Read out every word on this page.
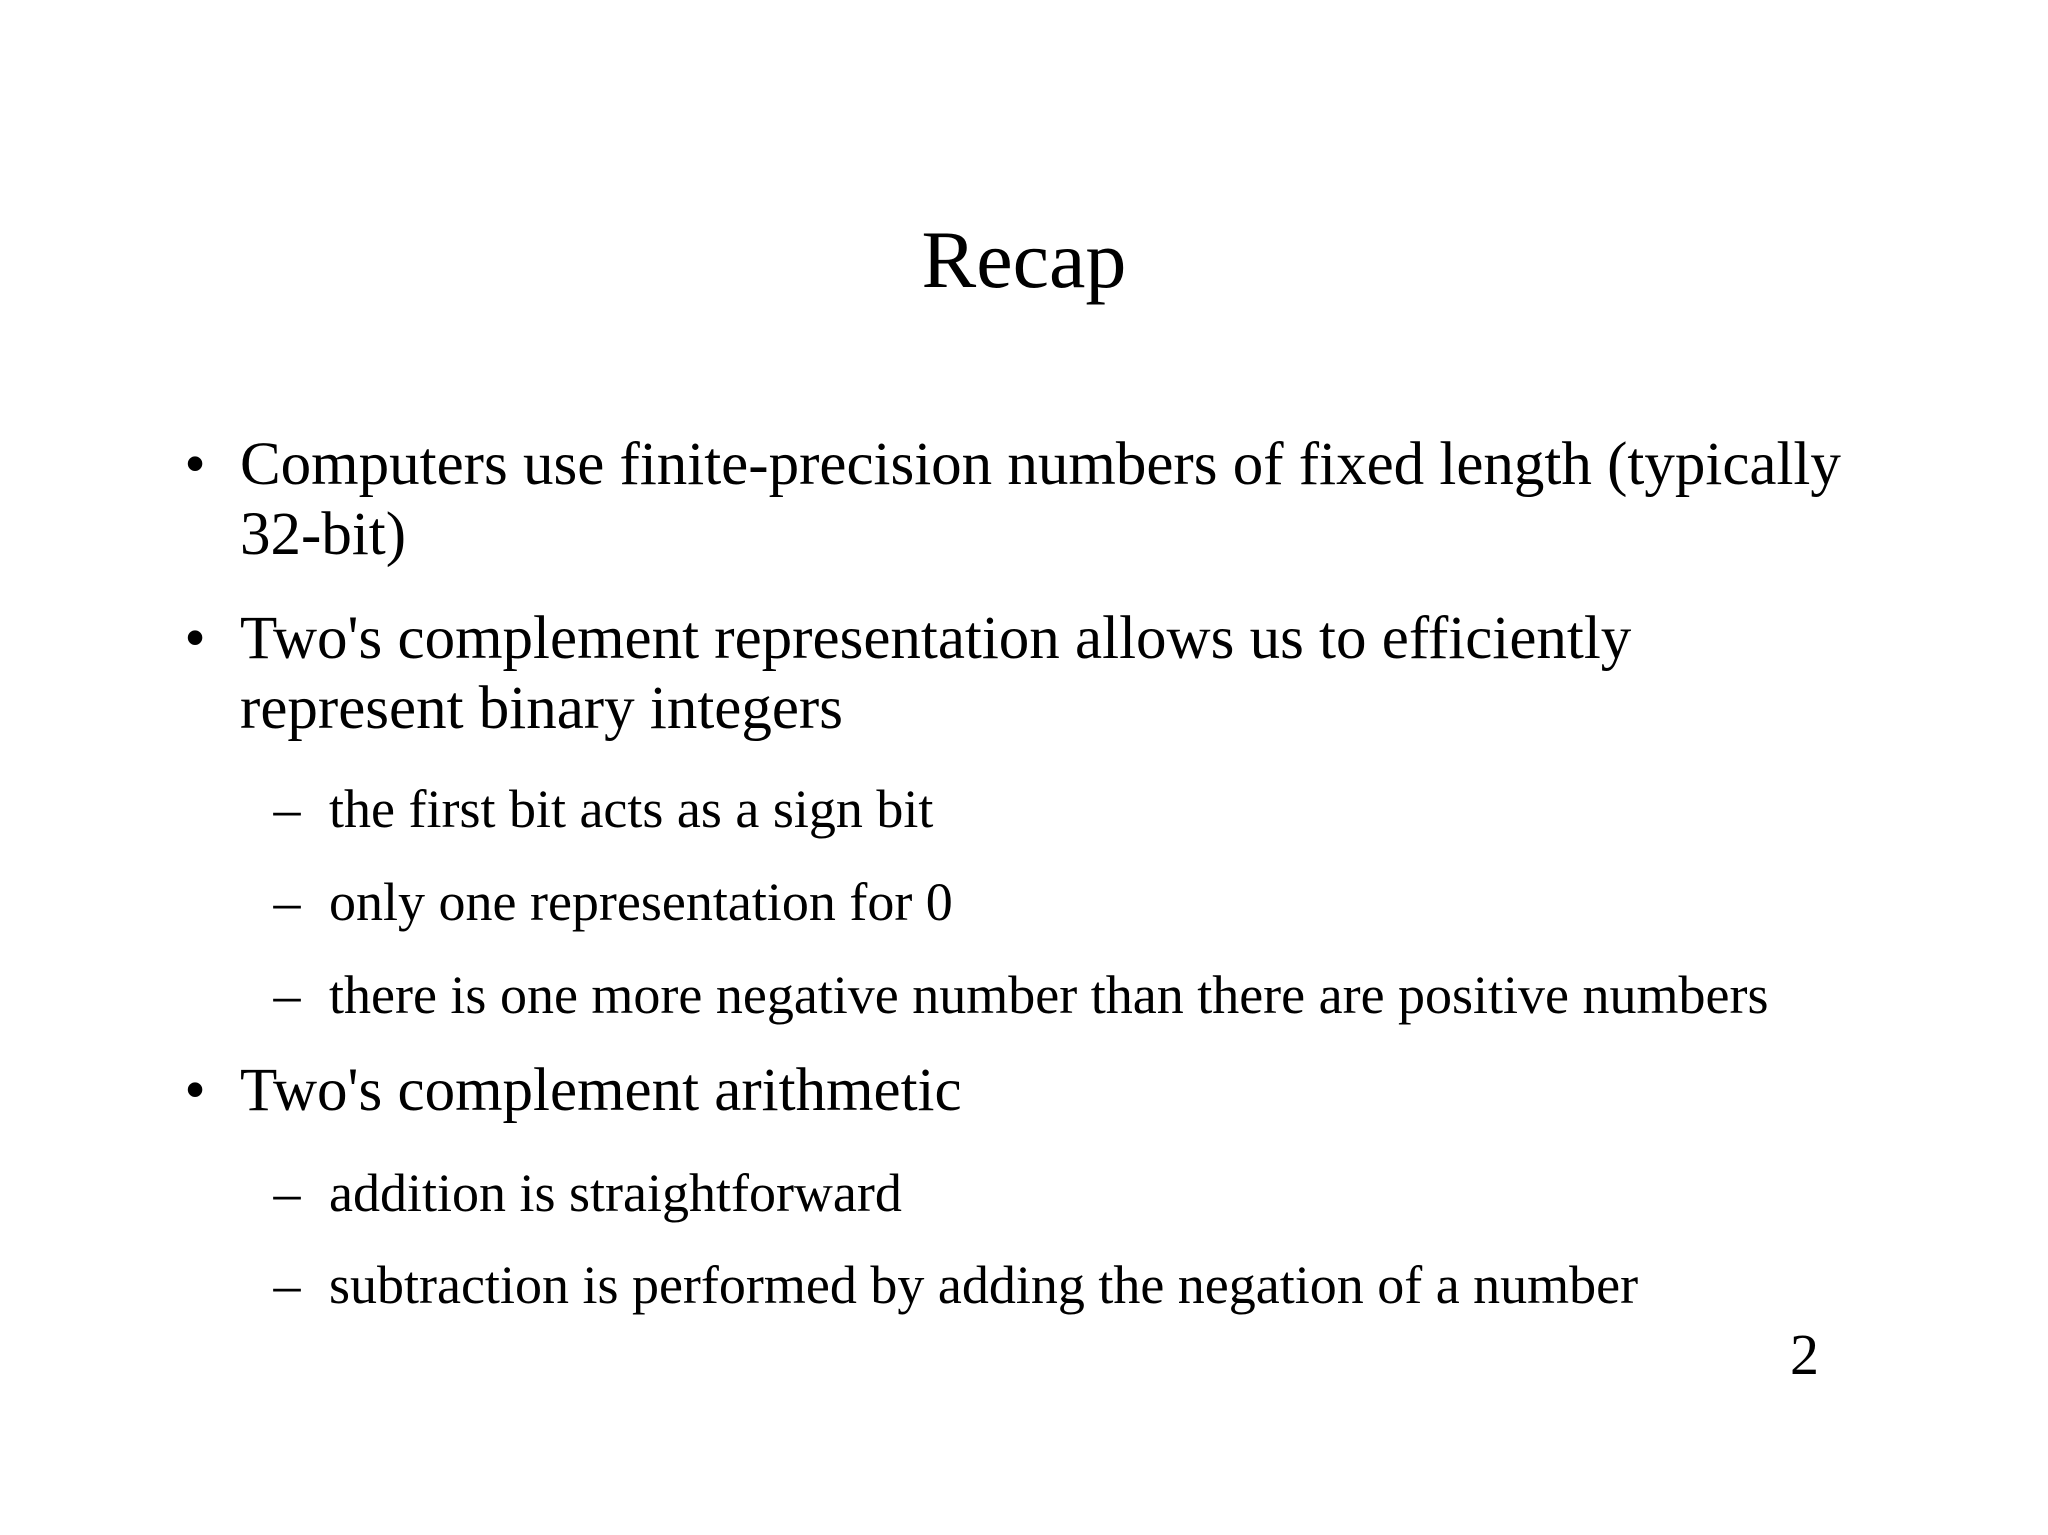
Recap
• Computers use finite-precision numbers of fixed length (typically
32-bit)
• Two's complement representation allows us to efficiently
represent binary integers
– the first bit acts as a sign bit
– only one representation for 0
– there is one more negative number than there are positive numbers
• Two's complement arithmetic
– addition is straightforward
– subtraction is performed by adding the negation of a number
2
